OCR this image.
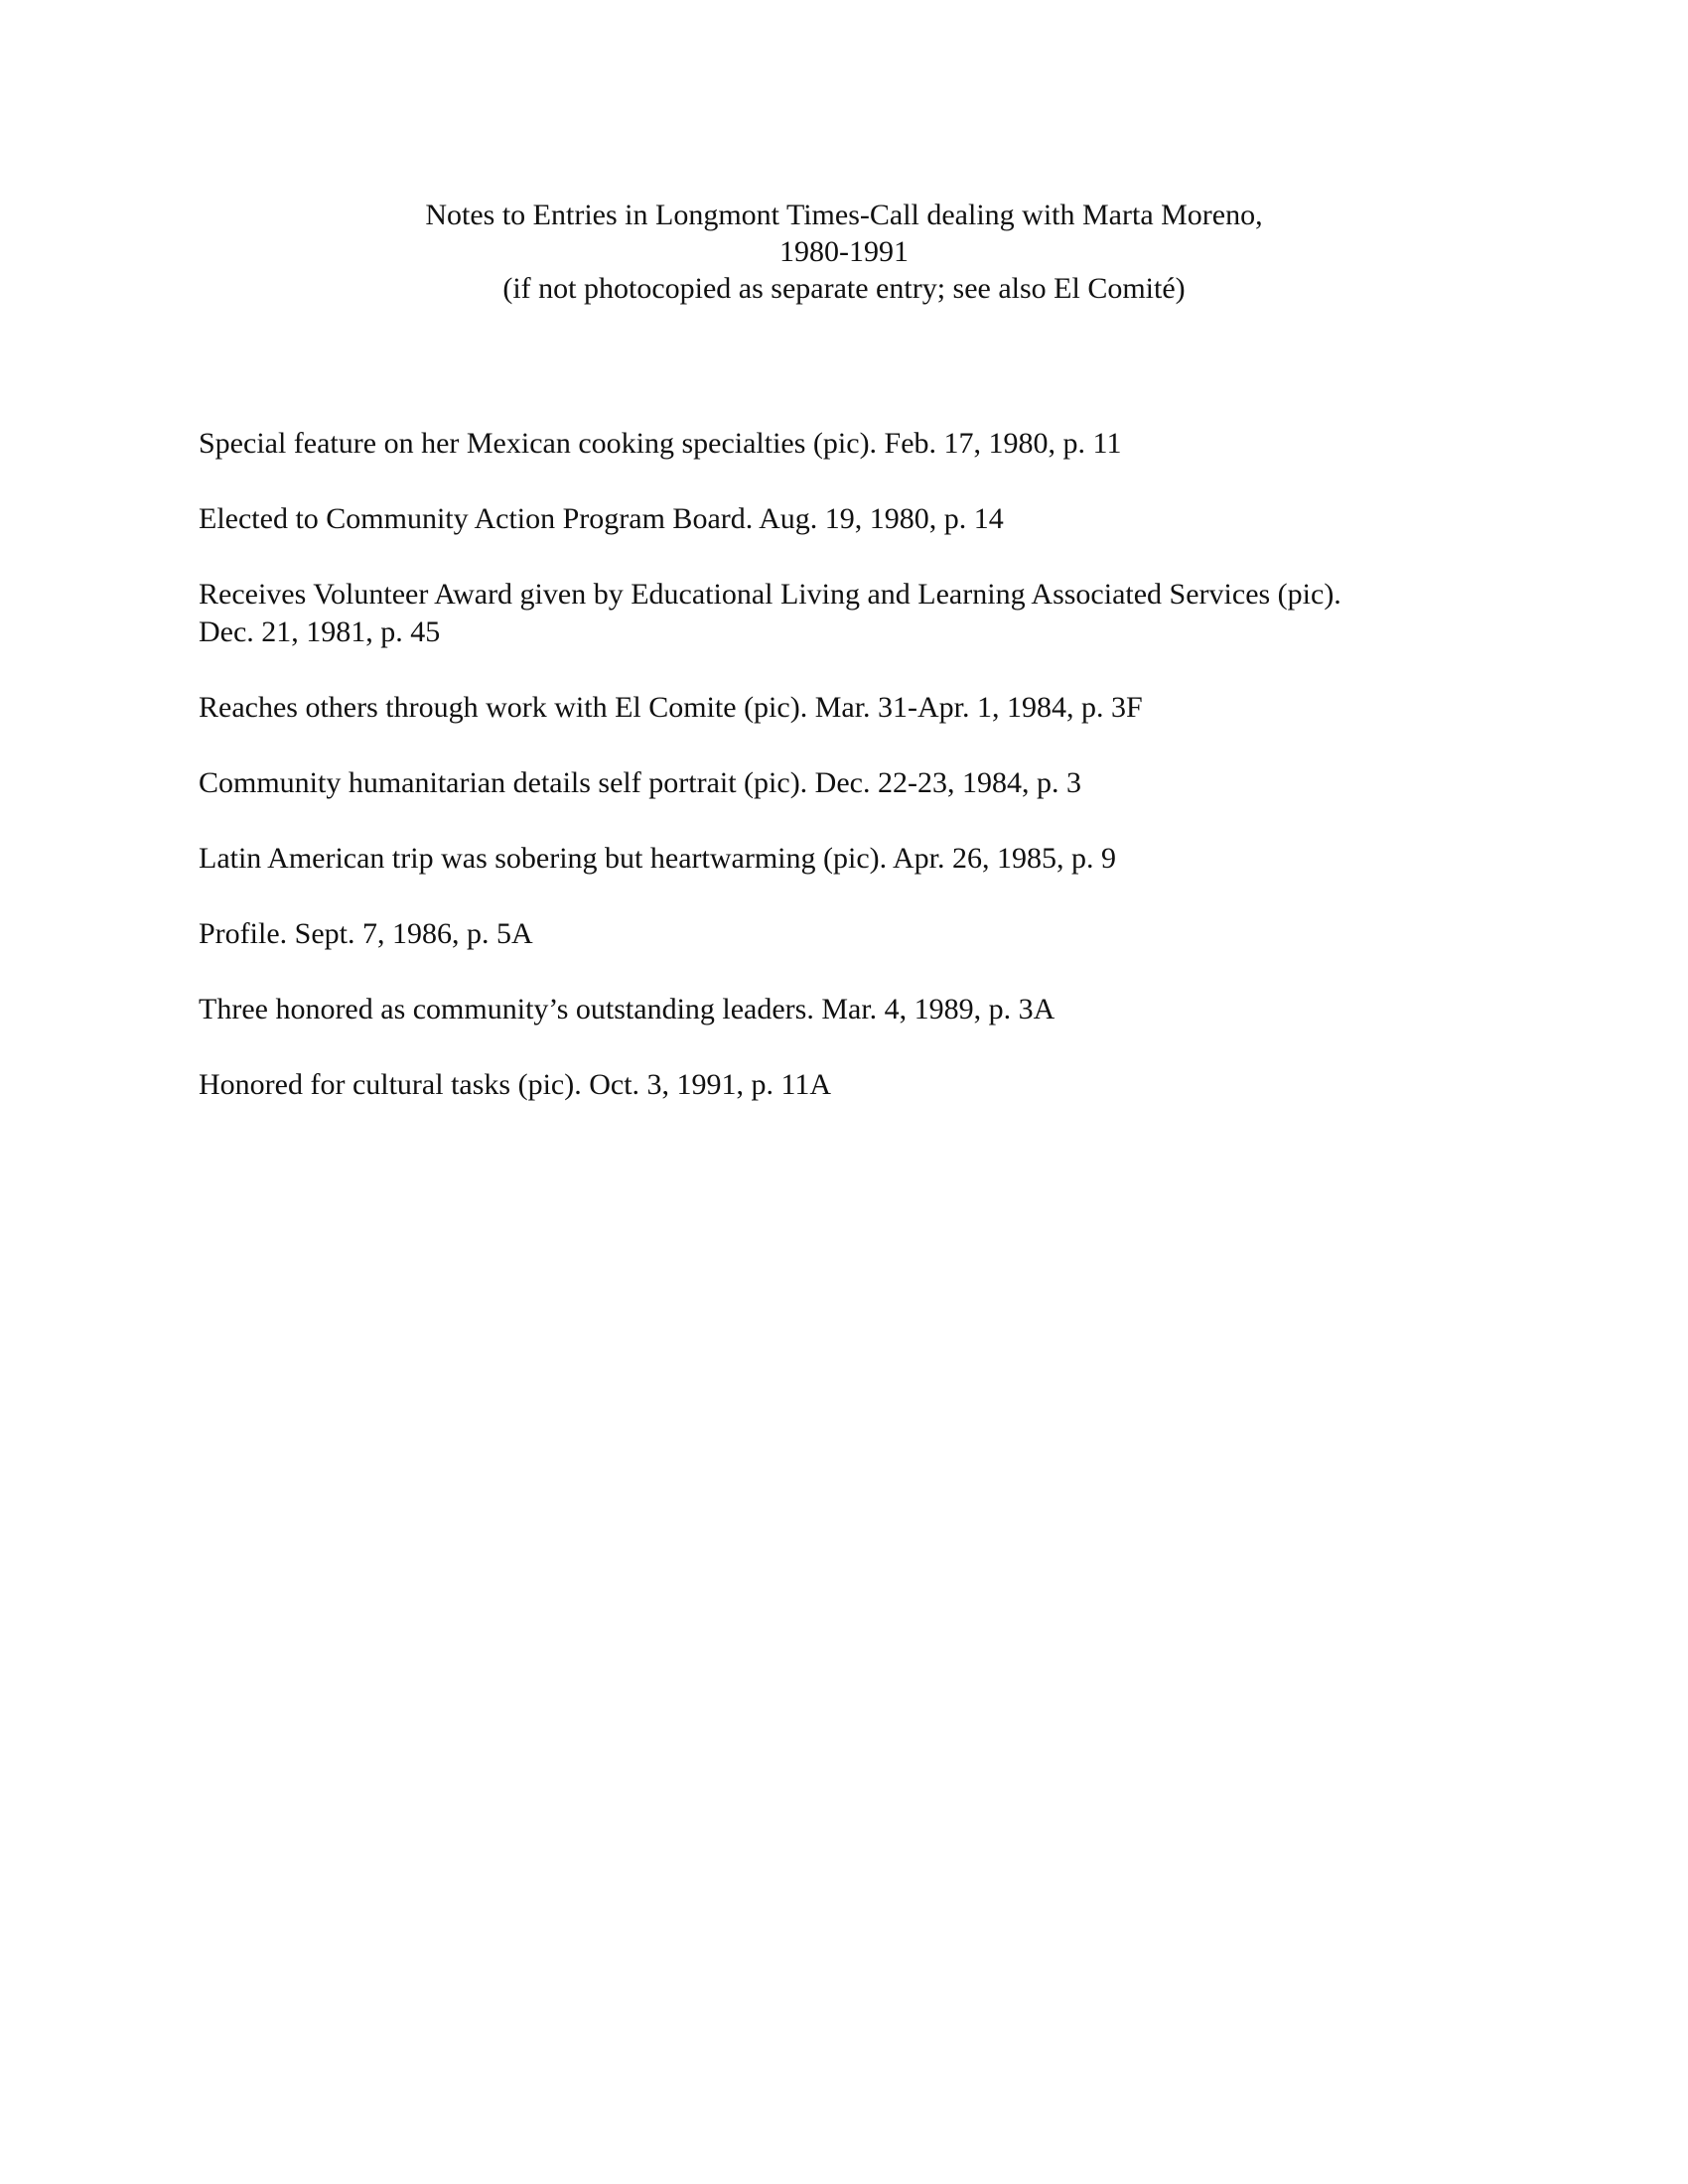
Notes to Entries in Longmont Times-Call dealing with Marta Moreno,
1980-1991
(if not photocopied as separate entry; see also El Comité)

Special feature on her Mexican cooking specialties (pic). Feb. 17, 1980, p. 11

Elected to Community Action Program Board. Aug. 19, 1980, p. 14

Receives Volunteer Award given by Educational Living and Learning Associated Services (pic).
Dec. 21, 1981, p. 45

Reaches others through work with El Comite (pic). Mar. 31-Apr. 1, 1984, p. 3F

Community humanitarian details self portrait (pic). Dec. 22-23, 1984, p. 3

Latin American trip was sobering but heartwarming (pic). Apr. 26, 1985, p. 9

Profile. Sept. 7, 1986, p. 5A

Three honored as community’s outstanding leaders. Mar. 4, 1989, p. 3A

Honored for cultural tasks (pic). Oct. 3, 1991, p. 11A
